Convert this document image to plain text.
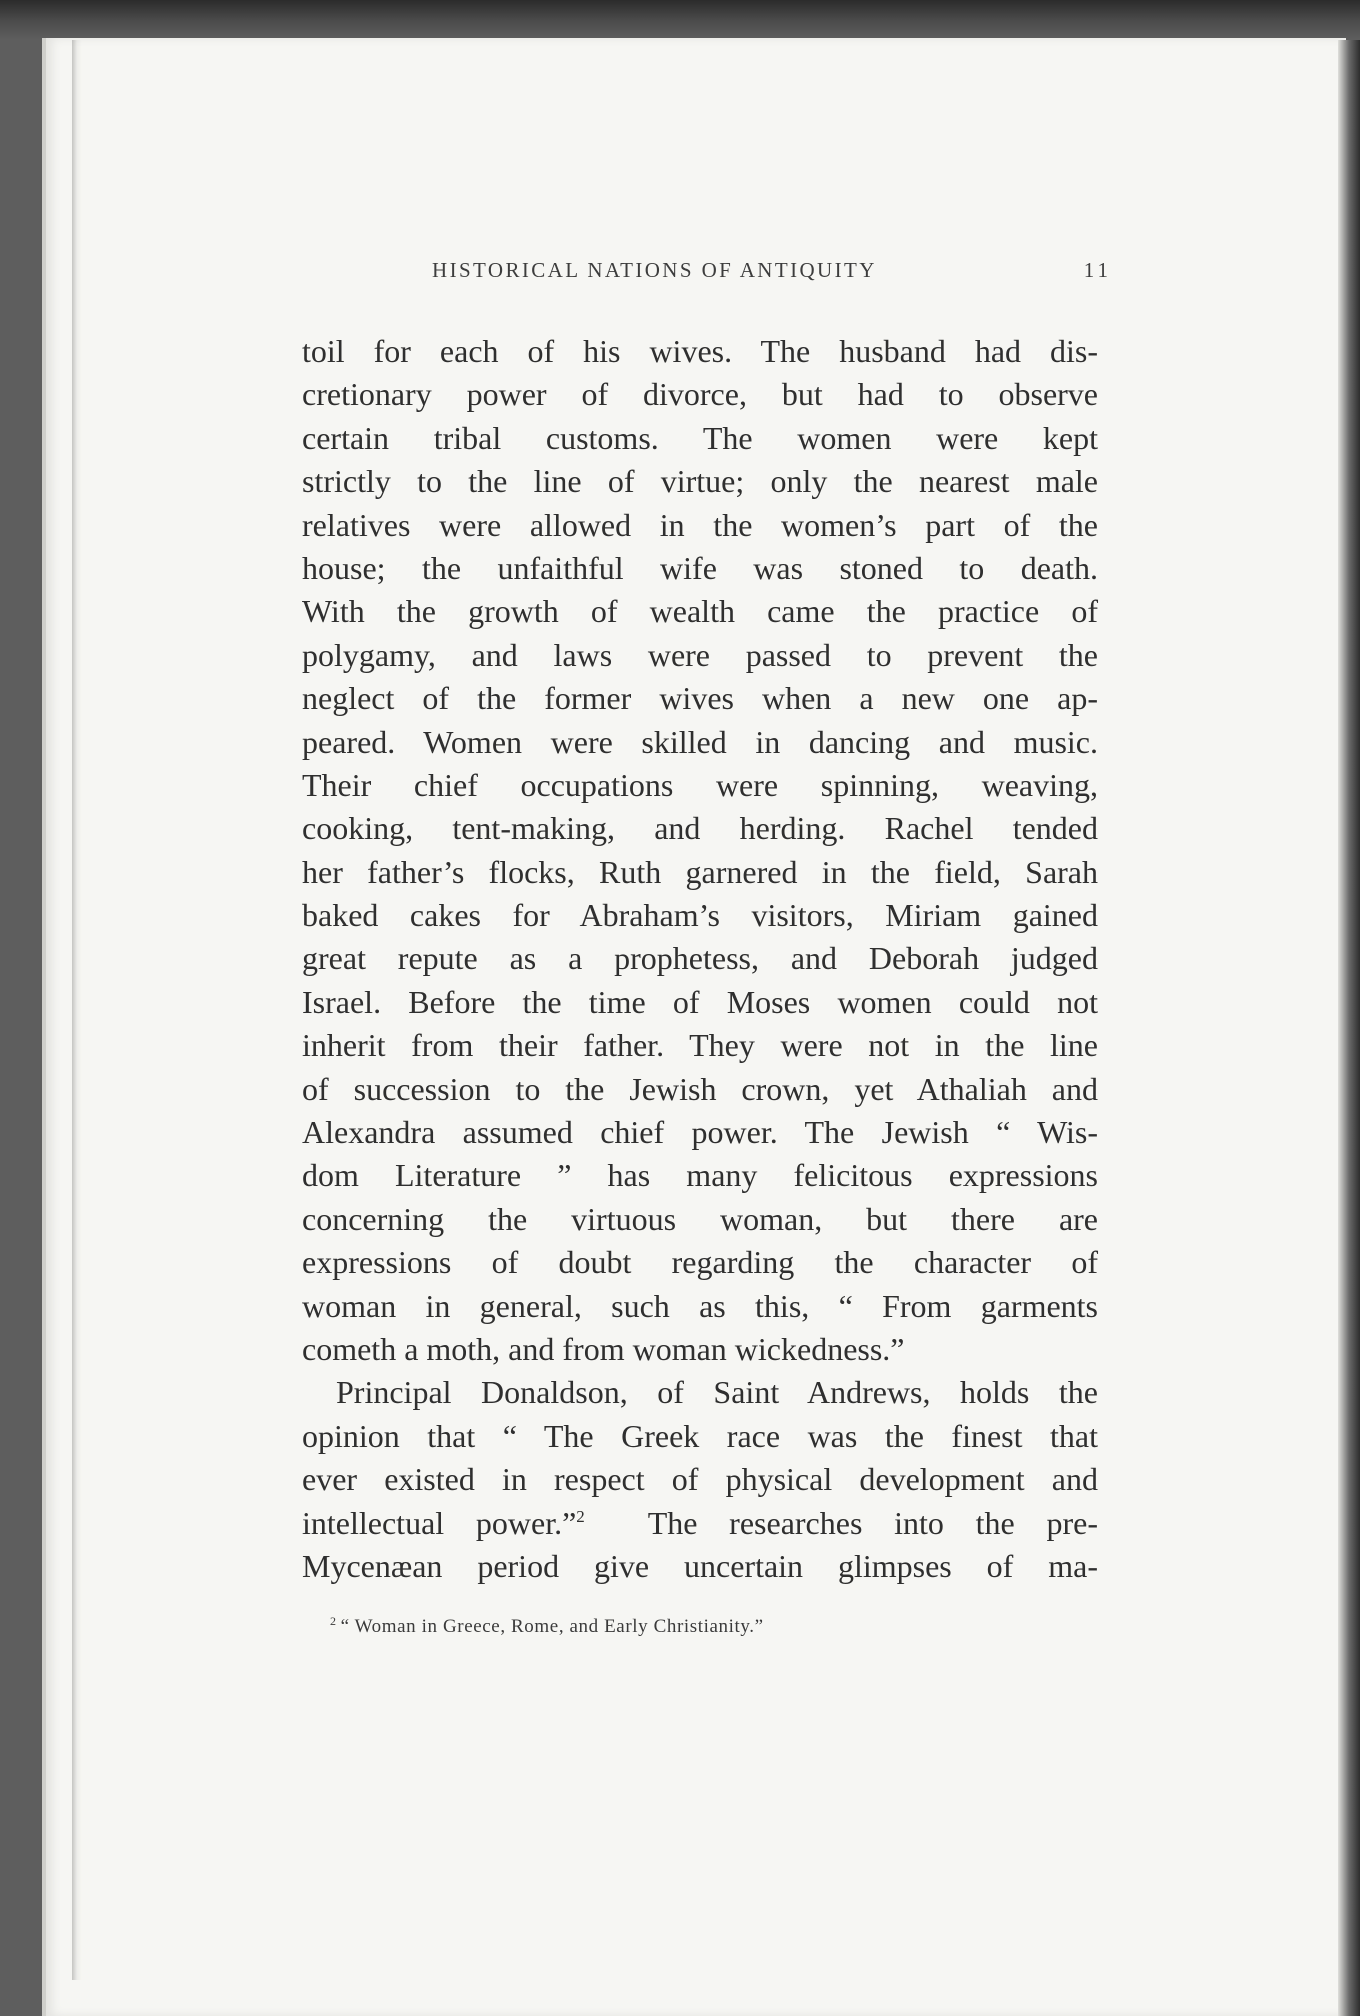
HISTORICAL NATIONS OF ANTIQUITY	11
toil for each of his wives. The husband had dis-
cretionary power of divorce, but had to observe
certain tribal customs. The women were kept
strictly to the line of virtue; only the nearest male
relatives were allowed in the women’s part of the
house; the unfaithful wife was stoned to death.
With the growth of wealth came the practice of
polygamy, and laws were passed to prevent the
neglect of the former wives when a new one ap-
peared. Women were skilled in dancing and music.
Their chief occupations were spinning, weaving,
cooking, tent-making, and herding. Rachel tended
her father’s flocks, Ruth garnered in the field, Sarah
baked cakes for Abraham’s visitors, Miriam gained
great repute as a prophetess, and Deborah judged
Israel. Before the time of Moses women could not
inherit from their father. They were not in the line
of succession to the Jewish crown, yet Athaliah and
Alexandra assumed chief power. The Jewish “ Wis-
dom Literature ” has many felicitous expressions
concerning the virtuous woman, but there are
expressions of doubt regarding the character of
woman in general, such as this, “ From garments
cometh a moth, and from woman wickedness.”
Principal Donaldson, of Saint Andrews, holds the
opinion that “ The Greek race was the finest that
ever existed in respect of physical development and
intellectual power.”$^2$ The researches into the pre-
Mycenæan period give uncertain glimpses of ma-
$^2$ “ Woman in Greece, Rome, and Early Christianity.”
